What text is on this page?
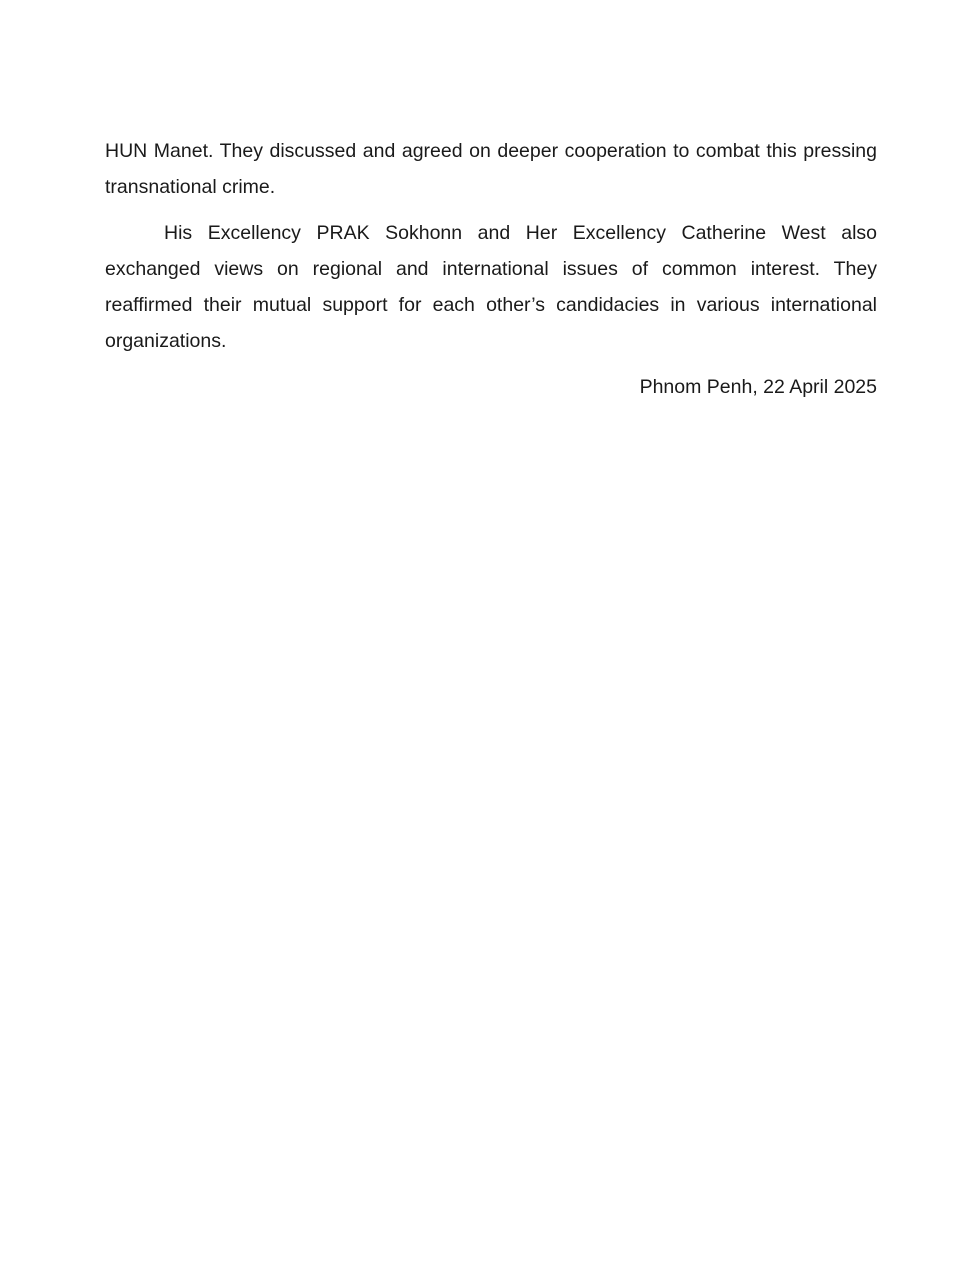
HUN Manet. They discussed and agreed on deeper cooperation to combat this pressing transnational crime.

His Excellency PRAK Sokhonn and Her Excellency Catherine West also exchanged views on regional and international issues of common interest. They reaffirmed their mutual support for each other’s candidacies in various international organizations.

Phnom Penh, 22 April 2025
